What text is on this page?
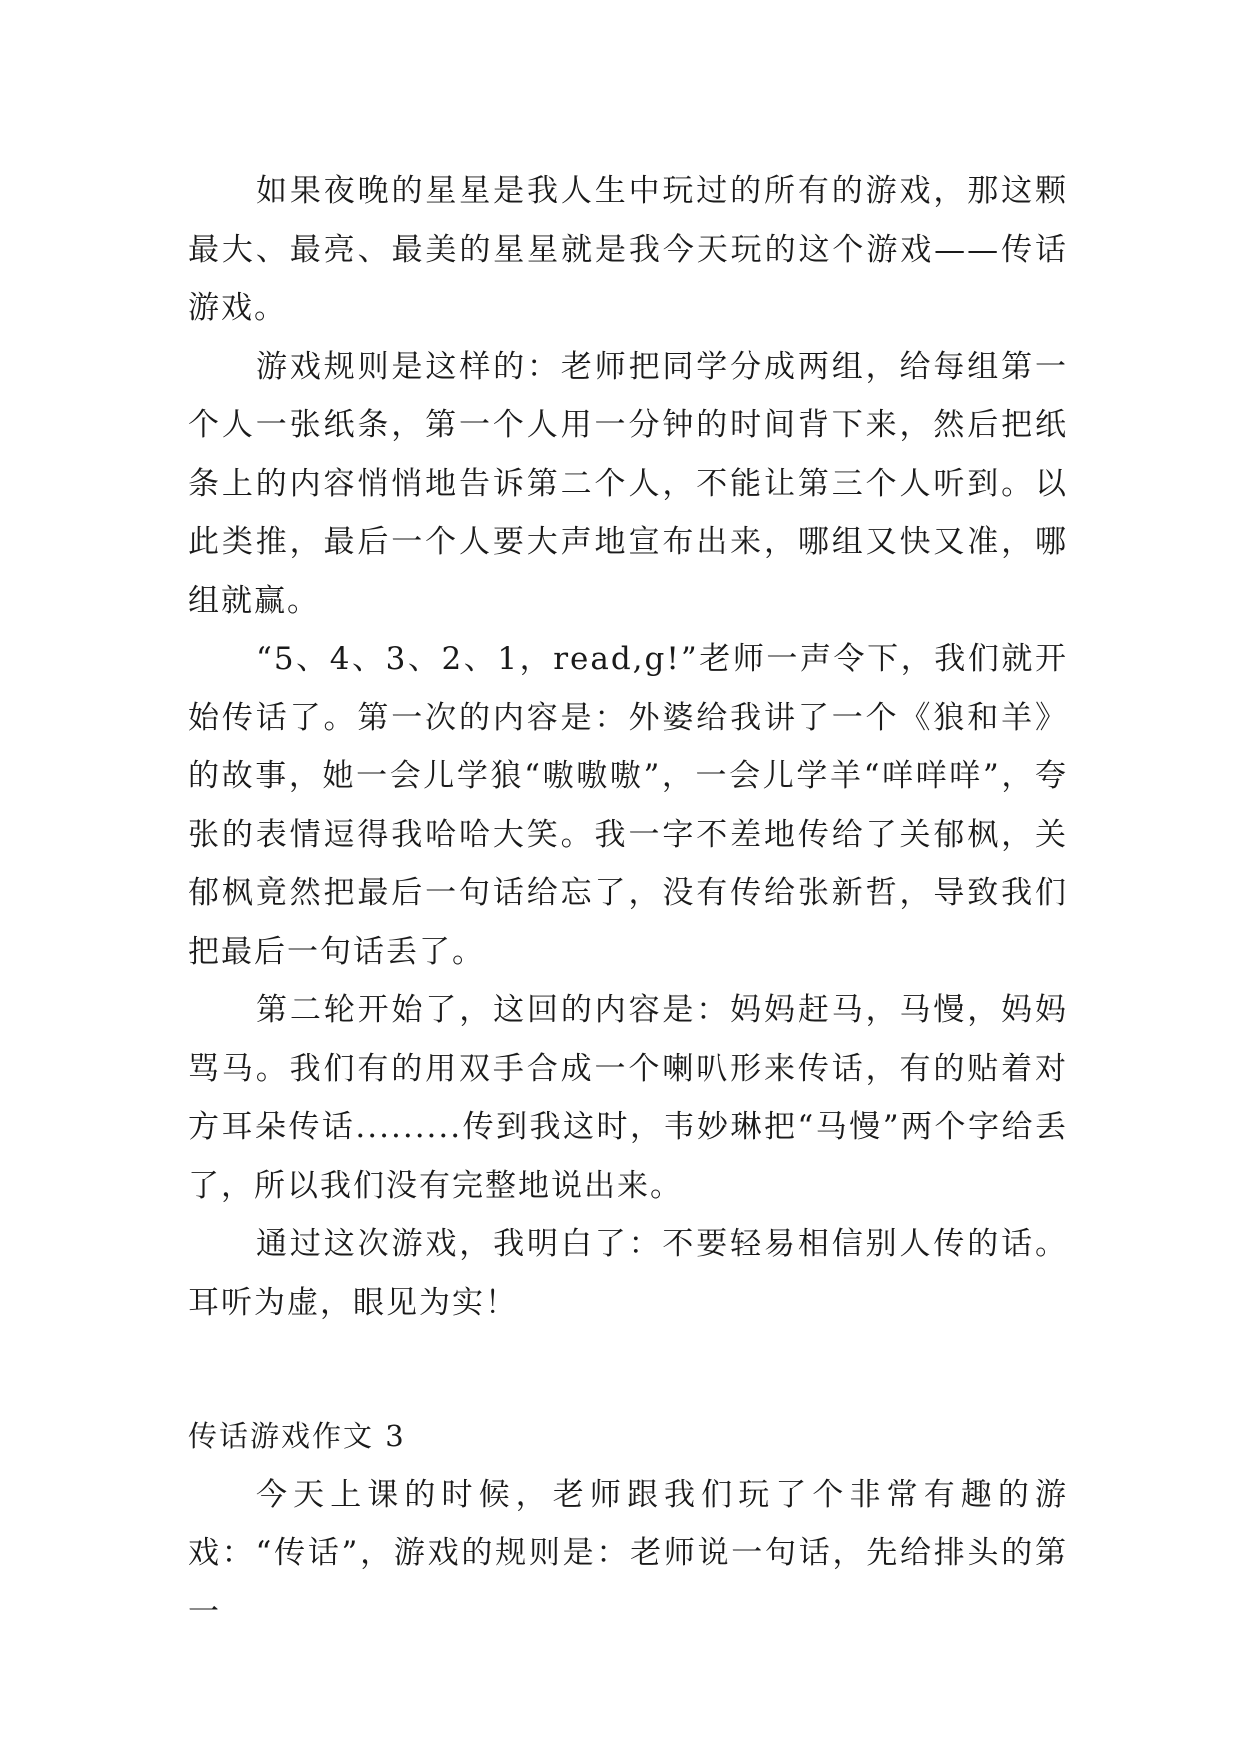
如果夜晚的星星是我人生中玩过的所有的游戏，那这颗最大、最亮、最美的星星就是我今天玩的这个游戏——传话游戏。

游戏规则是这样的：老师把同学分成两组，给每组第一个人一张纸条，第一个人用一分钟的时间背下来，然后把纸条上的内容悄悄地告诉第二个人，不能让第三个人听到。以此类推，最后一个人要大声地宣布出来，哪组又快又准，哪组就赢。

“5、4、3、2、1，read,g!”老师一声令下，我们就开始传话了。第一次的内容是：外婆给我讲了一个《狼和羊》的故事，她一会儿学狼“嗷嗷嗷”，一会儿学羊“咩咩咩”，夸张的表情逗得我哈哈大笑。我一字不差地传给了关郁枫，关郁枫竟然把最后一句话给忘了，没有传给张新哲，导致我们把最后一句话丢了。

第二轮开始了，这回的内容是：妈妈赶马，马慢，妈妈骂马。我们有的用双手合成一个喇叭形来传话，有的贴着对方耳朵传话.........传到我这时，韦妙琳把“马慢”两个字给丢了，所以我们没有完整地说出来。

通过这次游戏，我明白了：不要轻易相信别人传的话。耳听为虚，眼见为实！

传话游戏作文 3

今天上课的时候，老师跟我们玩了个非常有趣的游戏：“传话”，游戏的规则是：老师说一句话，先给排头的第一
